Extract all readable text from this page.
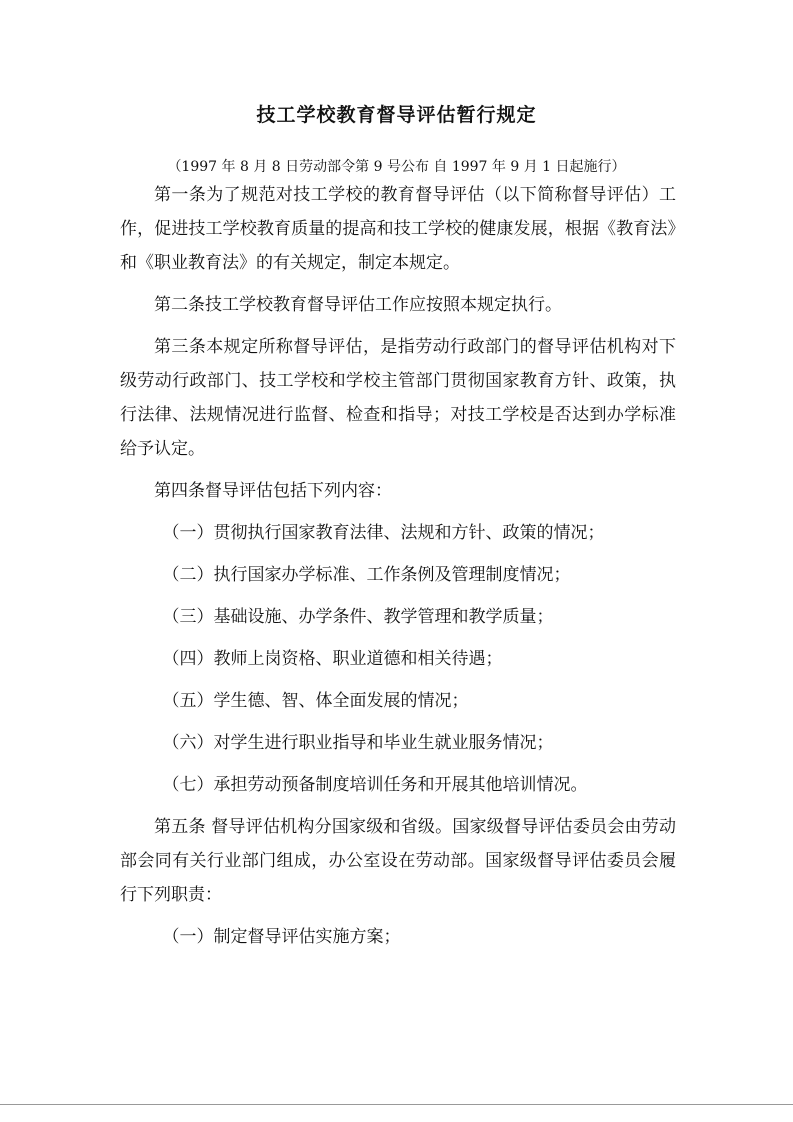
技工学校教育督导评估暂行规定

（1997 年 8 月 8 日劳动部令第 9 号公布 自 1997 年 9 月 1 日起施行）

第一条为了规范对技工学校的教育督导评估（以下简称督导评估）工作，促进技工学校教育质量的提高和技工学校的健康发展，根据《教育法》和《职业教育法》的有关规定，制定本规定。

第二条技工学校教育督导评估工作应按照本规定执行。

第三条本规定所称督导评估，是指劳动行政部门的督导评估机构对下级劳动行政部门、技工学校和学校主管部门贯彻国家教育方针、政策，执行法律、法规情况进行监督、检查和指导；对技工学校是否达到办学标准给予认定。

第四条督导评估包括下列内容：

（一）贯彻执行国家教育法律、法规和方针、政策的情况；

（二）执行国家办学标准、工作条例及管理制度情况；

（三）基础设施、办学条件、教学管理和教学质量；

（四）教师上岗资格、职业道德和相关待遇；

（五）学生德、智、体全面发展的情况；

（六）对学生进行职业指导和毕业生就业服务情况；

（七）承担劳动预备制度培训任务和开展其他培训情况。

第五条 督导评估机构分国家级和省级。国家级督导评估委员会由劳动部会同有关行业部门组成，办公室设在劳动部。国家级督导评估委员会履行下列职责：

（一）制定督导评估实施方案；
